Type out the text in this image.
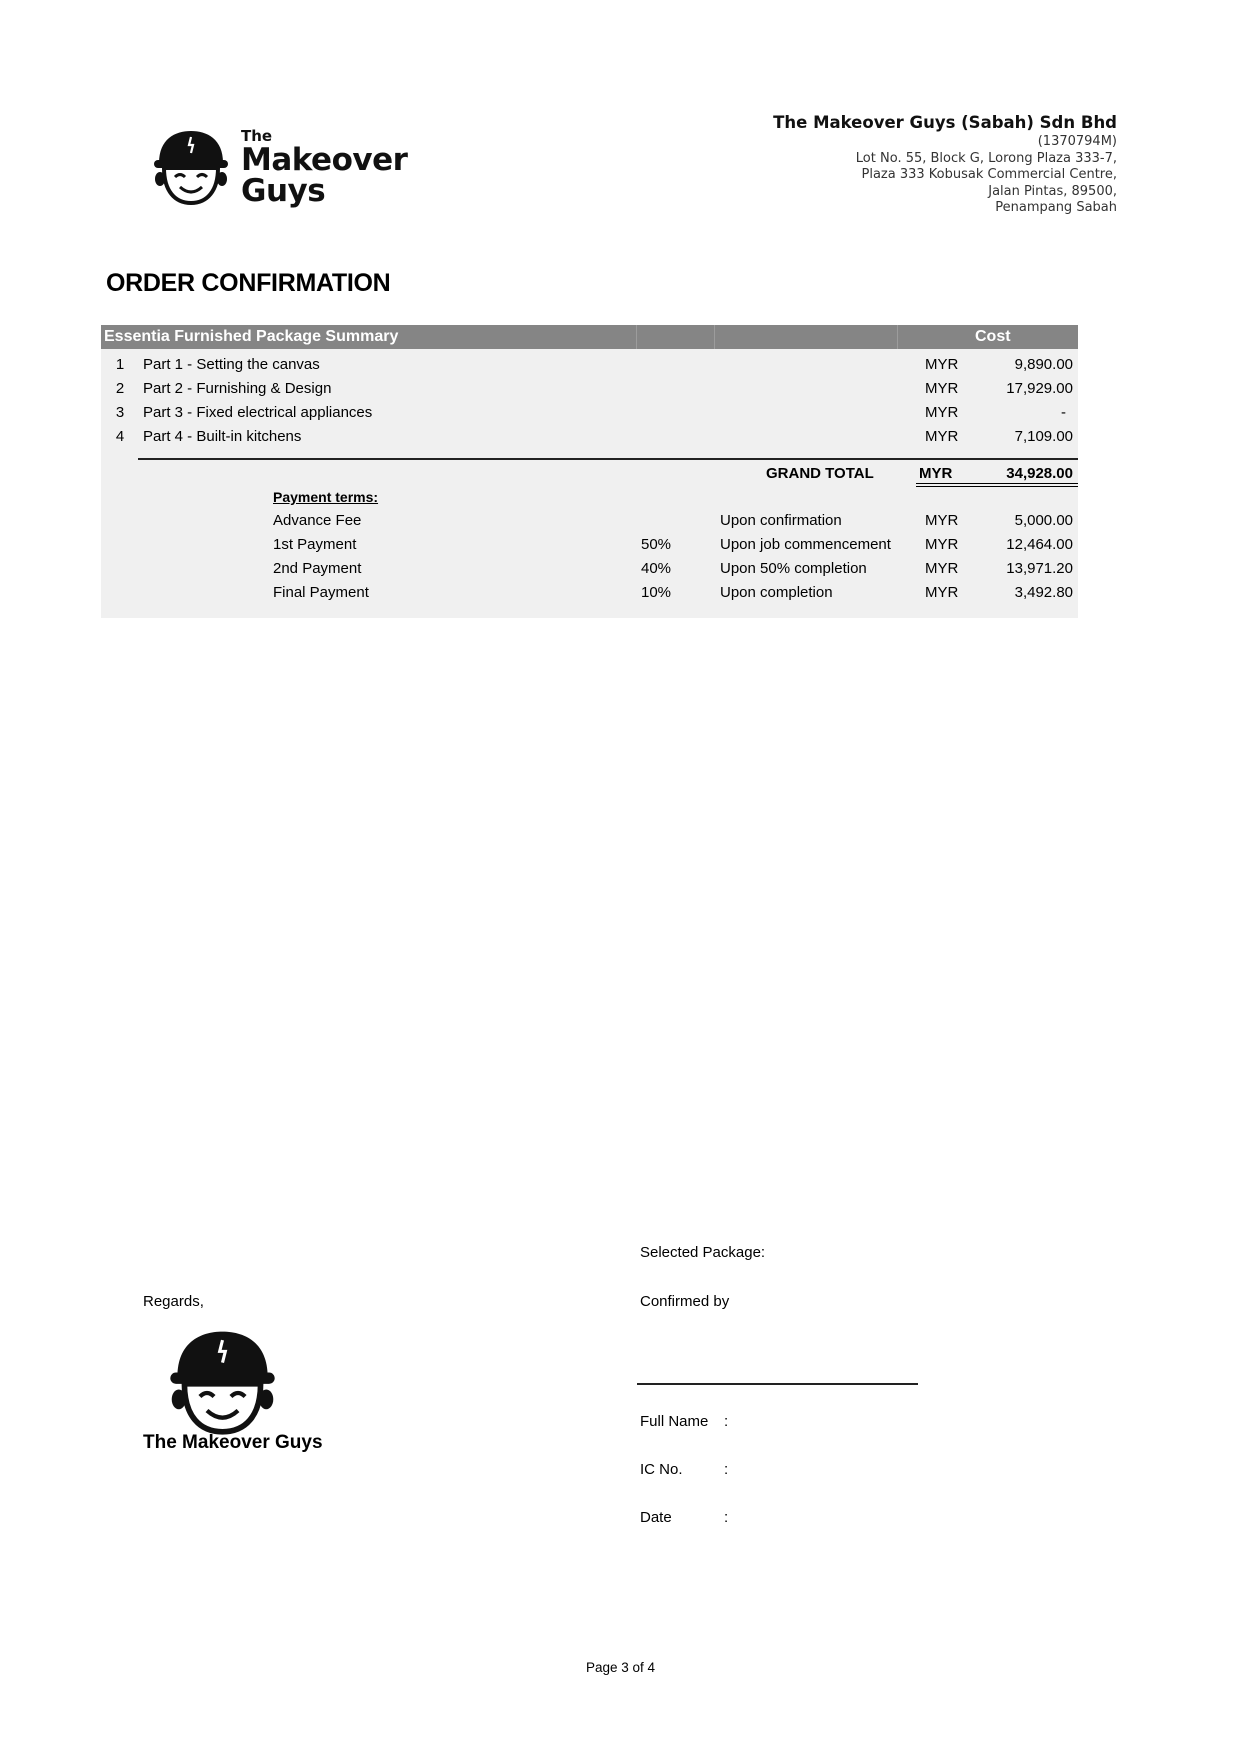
The
Makeover
Guys
The Makeover Guys (Sabah) Sdn Bhd
(1370794M)
Lot No. 55, Block G, Lorong Plaza 333-7,
Plaza 333 Kobusak Commercial Centre,
Jalan Pintas, 89500,
Penampang Sabah
ORDER CONFIRMATION
Essentia Furnished Package Summary	Cost
1 Part 1 - Setting the canvas	MYR	9,890.00
2 Part 2 - Furnishing & Design	MYR	17,929.00
3 Part 3 - Fixed electrical appliances	MYR	-
4 Part 4 - Built-in kitchens	MYR	7,109.00
GRAND TOTAL	MYR	34,928.00
Payment terms:
Advance Fee	Upon confirmation	MYR	5,000.00
1st Payment	50%	Upon job commencement MYR	12,464.00
2nd Payment	40%	Upon 50% completion	MYR	13,971.20
Final Payment	10%	Upon completion	MYR	3,492.80
Regards,
The Makeover Guys
Selected Package:
Confirmed by
Full Name :
IC No.	:
Date	:
Page 3 of 4
